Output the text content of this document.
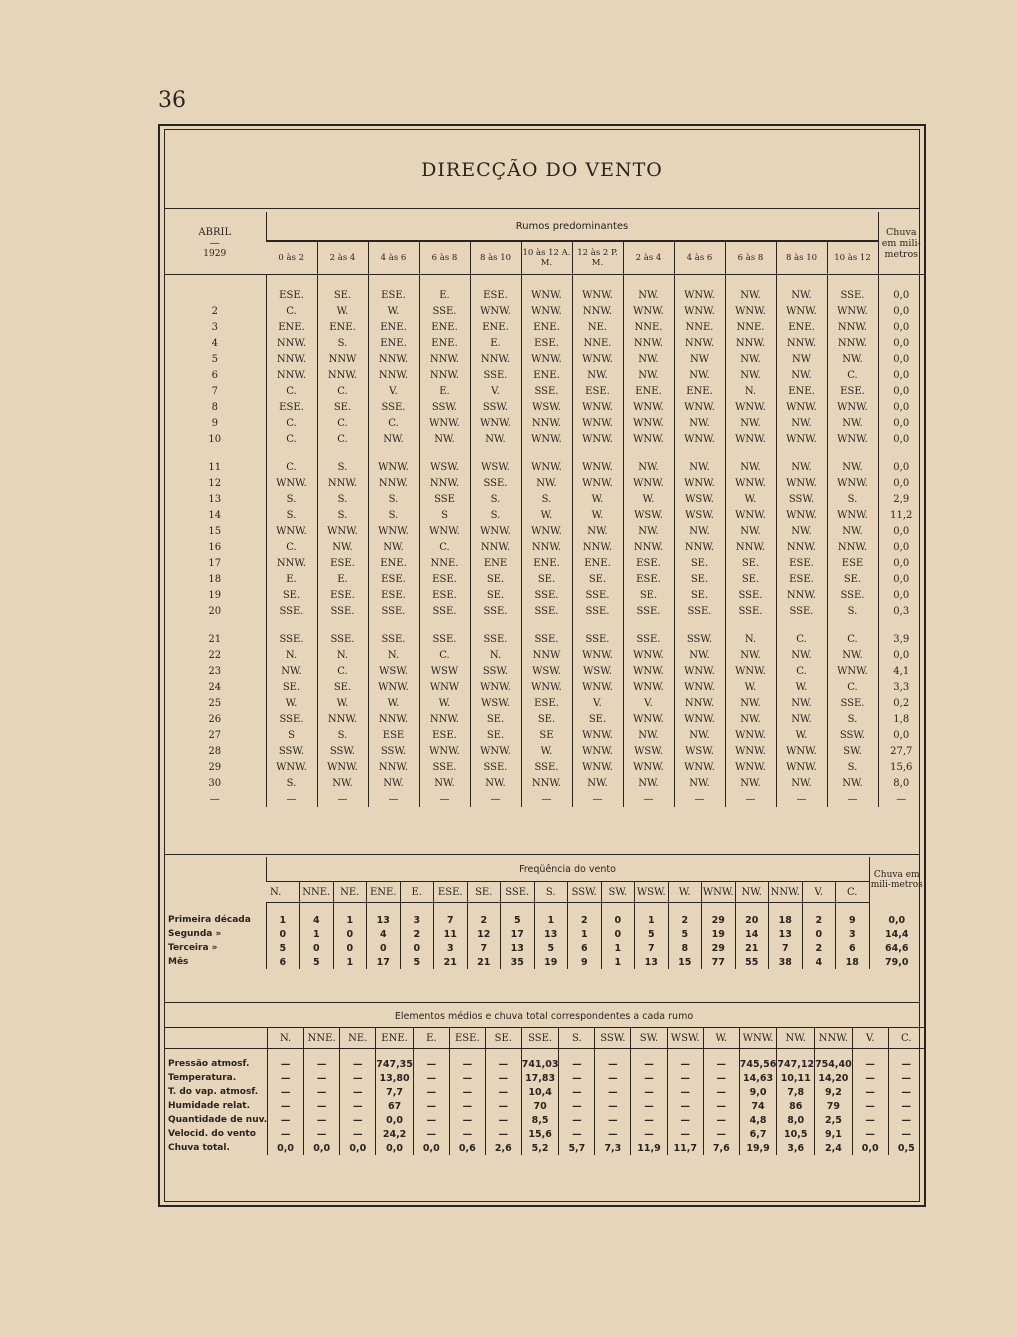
36
DIRECÇÃO DO VENTO
ABRIL
—
1929	Rumos predominantes												Chuva em mili-metros
	0 às 2	2 às 4	4 às 6	6 às 8	8 às 10	10 às 12 A. M.	12 às 2 P. M.	2 às 4	4 às 6	6 às 8	8 às 10	10 às 12	

	ESE.	SE.	ESE.	E.	ESE.	WNW.	WNW.	NW.	WNW.	NW.	NW.	SSE.	0,0
2	C.	W.	W.	SSE.	WNW.	WNW.	NNW.	WNW.	WNW.	WNW.	WNW.	WNW.	0,0
3	ENE.	ENE.	ENE.	ENE.	ENE.	ENE.	NE.	NNE.	NNE.	NNE.	ENE.	NNW.	0,0
4	NNW.	S.	ENE.	ENE.	E.	ESE.	NNE.	NNW.	NNW.	NNW.	NNW.	NNW.	0,0
5	NNW.	NNW	NNW.	NNW.	NNW.	WNW.	WNW.	NW.	NW	NW.	NW	NW.	0,0
6	NNW.	NNW.	NNW.	NNW.	SSE.	ENE.	NW.	NW.	NW.	NW.	NW.	C.	0,0
7	C.	C.	V.	E.	V.	SSE.	ESE.	ENE.	ENE.	N.	ENE.	ESE.	0,0
8	ESE.	SE.	SSE.	SSW.	SSW.	WSW.	WNW.	WNW.	WNW.	WNW.	WNW.	WNW.	0,0
9	C.	C.	C.	WNW.	WNW.	NNW.	WNW.	WNW.	NW.	NW.	NW.	NW.	0,0
10	C.	C.	NW.	NW.	NW.	WNW.	WNW.	WNW.	WNW.	WNW.	WNW.	WNW.	0,0

11	C.	S.	WNW.	WSW.	WSW.	WNW.	WNW.	NW.	NW.	NW.	NW.	NW.	0,0
12	WNW.	NNW.	NNW.	NNW.	SSE.	NW.	WNW.	WNW.	WNW.	WNW.	WNW.	WNW.	0,0
13	S.	S.	S.	SSE	S.	S.	W.	W.	WSW.	W.	SSW.	S.	2,9
14	S.	S.	S.	S	S.	W.	W.	WSW.	WSW.	WNW.	WNW.	WNW.	11,2
15	WNW.	WNW.	WNW.	WNW.	WNW.	WNW.	NW.	NW.	NW.	NW.	NW.	NW.	0,0
16	C.	NW.	NW.	C.	NNW.	NNW.	NNW.	NNW.	NNW.	NNW.	NNW.	NNW.	0,0
17	NNW.	ESE.	ENE.	NNE.	ENE	ENE.	ENE.	ESE.	SE.	SE.	ESE.	ESE	0,0
18	E.	E.	ESE.	ESE.	SE.	SE.	SE.	ESE.	SE.	SE.	ESE.	SE.	0,0
19	SE.	ESE.	ESE.	ESE.	SE.	SSE.	SSE.	SE.	SE.	SSE.	NNW.	SSE.	0,0
20	SSE.	SSE.	SSE.	SSE.	SSE.	SSE.	SSE.	SSE.	SSE.	SSE.	SSE.	S.	0,3

21	SSE.	SSE.	SSE.	SSE.	SSE.	SSE.	SSE.	SSE.	SSW.	N.	C.	C.	3,9
22	N.	N.	N.	C.	N.	NNW	WNW.	WNW.	NW.	NW.	NW.	NW.	0,0
23	NW.	C.	WSW.	WSW	SSW.	WSW.	WSW.	WNW.	WNW.	WNW.	C.	WNW.	4,1
24	SE.	SE.	WNW.	WNW	WNW.	WNW.	WNW.	WNW.	WNW.	W.	W.	C.	3,3
25	W.	W.	W.	W.	WSW.	ESE.	V.	V.	NNW.	NW.	NW.	SSE.	0,2
26	SSE.	NNW.	NNW.	NNW.	SE.	SE.	SE.	WNW.	WNW.	NW.	NW.	S.	1,8
27	S	S.	ESE	ESE.	SE.	SE	WNW.	NW.	NW.	WNW.	W.	SSW.	0,0
28	SSW.	SSW.	SSW.	WNW.	WNW.	W.	WNW.	WSW.	WSW.	WNW.	WNW.	SW.	27,7
29	WNW.	WNW.	NNW.	SSE.	SSE.	SSE.	WNW.	WNW.	WNW.	WNW.	WNW.	S.	15,6
30	S.	NW.	NW.	NW.	NW.	NNW.	NW.	NW.	NW.	NW.	NW.	NW.	8,0
—	—	—	—	—	—	—	—	—	—	—	—	—	—
	Freqüência do vento																		Chuva em mili-metros
	N.	NNE.	NE.	ENE.	E.	ESE.	SE.	SSE.	S.	SSW.	SW.	WSW.	W.	WNW.	NW.	NNW.	V.	C.	

Primeira década	1	4	1	13	3	7	2	5	1	2	0	1	2	29	20	18	2	9	0,0
Segunda »	0	1	0	4	2	11	12	17	13	1	0	5	5	19	14	13	0	3	14,4
Terceira »	5	0	0	0	0	3	7	13	5	6	1	7	8	29	21	7	2	6	64,6
Mês	6	5	1	17	5	21	21	35	19	9	1	13	15	77	55	38	4	18	79,0
Elementos médios e chuva total correspondentes a cada rumo																		
	N.	NNE.	NE.	ENE.	E.	ESE.	SE.	SSE.	S.	SSW.	SW.	WSW.	W.	WNW.	NW.	NNW.	V.	C.

Pressão atmosf.	—	—	—	747,35	—	—	—	741,03	—	—	—	—	—	745,56	747,12	754,40	—	—
Temperatura.	—	—	—	13,80	—	—	—	17,83	—	—	—	—	—	14,63	10,11	14,20	—	—
T. do vap. atmosf.	—	—	—	7,7	—	—	—	10,4	—	—	—	—	—	9,0	7,8	9,2	—	—
Humidade relat.	—	—	—	67	—	—	—	70	—	—	—	—	—	74	86	79	—	—
Quantidade de nuv.	—	—	—	0,0	—	—	—	8,5	—	—	—	—	—	4,8	8,0	2,5	—	—
Velocid. do vento	—	—	—	24,2	—	—	—	15,6	—	—	—	—	—	6,7	10,5	9,1	—	—
Chuva total.	0,0	0,0	0,0	0,0	0,0	0,6	2,6	5,2	5,7	7,3	11,9	11,7	7,6	19,9	3,6	2,4	0,0	0,5
